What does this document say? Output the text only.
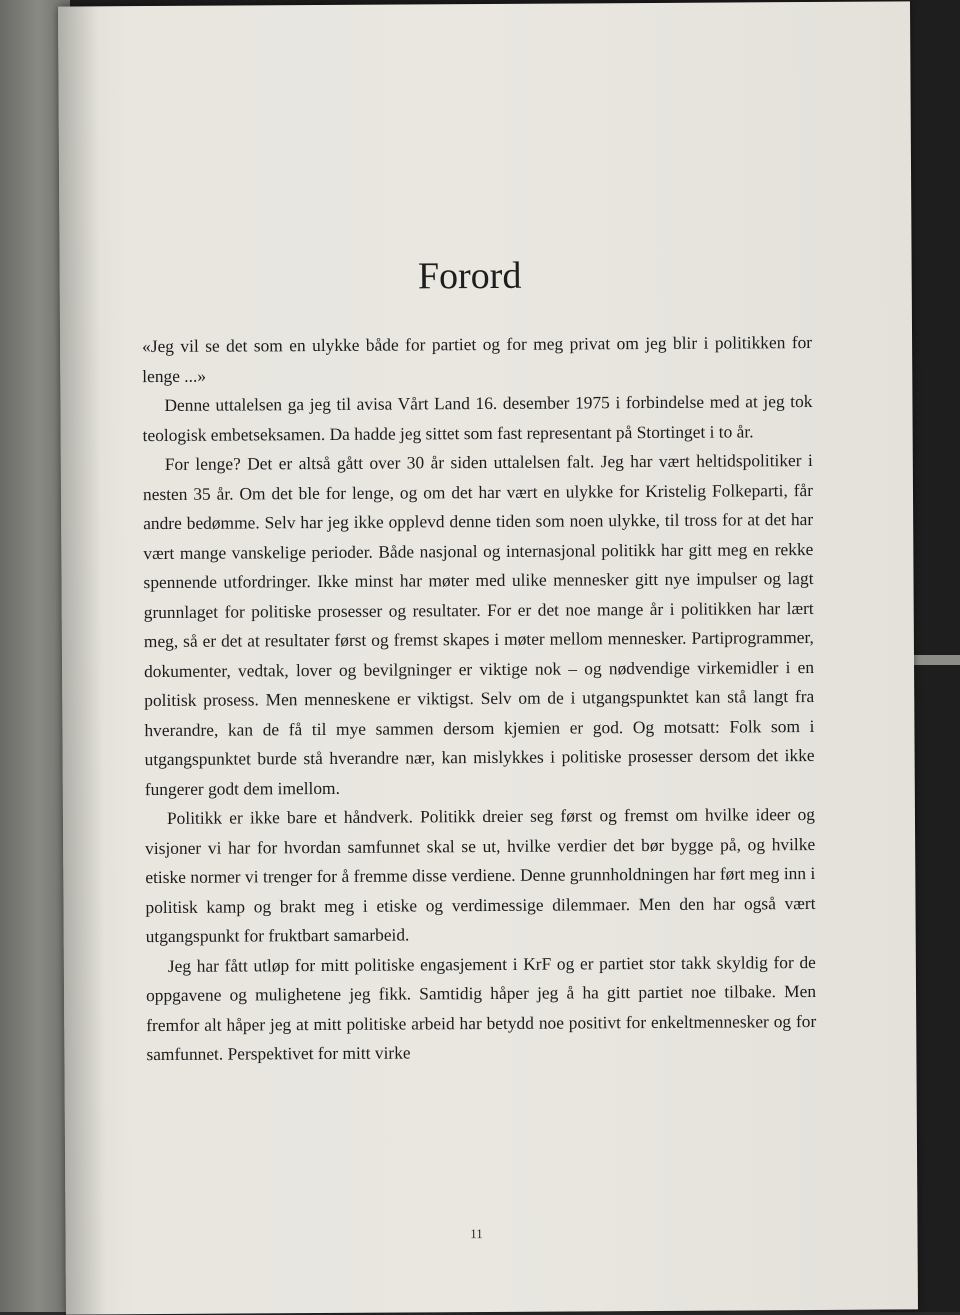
Forord

«Jeg vil se det som en ulykke både for partiet og for meg privat om jeg blir i politikken for lenge ...»

Denne uttalelsen ga jeg til avisa Vårt Land 16. desember 1975 i forbindelse med at jeg tok teologisk embetseksamen. Da hadde jeg sittet som fast representant på Stortinget i to år.

For lenge? Det er altså gått over 30 år siden uttalelsen falt. Jeg har vært heltidspolitiker i nesten 35 år. Om det ble for lenge, og om det har vært en ulykke for Kristelig Folkeparti, får andre bedømme. Selv har jeg ikke opplevd denne tiden som noen ulykke, til tross for at det har vært mange vanskelige perioder. Både nasjonal og internasjonal politikk har gitt meg en rekke spennende utfordringer. Ikke minst har møter med ulike mennesker gitt nye impulser og lagt grunnlaget for politiske prosesser og resultater. For er det noe mange år i politikken har lært meg, så er det at resultater først og fremst skapes i møter mellom mennesker. Partiprogrammer, dokumenter, vedtak, lover og bevilgninger er viktige nok – og nødvendige virkemidler i en politisk prosess. Men menneskene er viktigst. Selv om de i utgangspunktet kan stå langt fra hverandre, kan de få til mye sammen dersom kjemien er god. Og motsatt: Folk som i utgangspunktet burde stå hverandre nær, kan mislykkes i politiske prosesser dersom det ikke fungerer godt dem imellom.

Politikk er ikke bare et håndverk. Politikk dreier seg først og fremst om hvilke ideer og visjoner vi har for hvordan samfunnet skal se ut, hvilke verdier det bør bygge på, og hvilke etiske normer vi trenger for å fremme disse verdiene. Denne grunnholdningen har ført meg inn i politisk kamp og brakt meg i etiske og verdimessige dilemmaer. Men den har også vært utgangspunkt for fruktbart samarbeid.

Jeg har fått utløp for mitt politiske engasjement i KrF og er partiet stor takk skyldig for de oppgavene og mulighetene jeg fikk. Samtidig håper jeg å ha gitt partiet noe tilbake. Men fremfor alt håper jeg at mitt politiske arbeid har betydd noe positivt for enkeltmennesker og for samfunnet. Perspektivet for mitt virke

11
